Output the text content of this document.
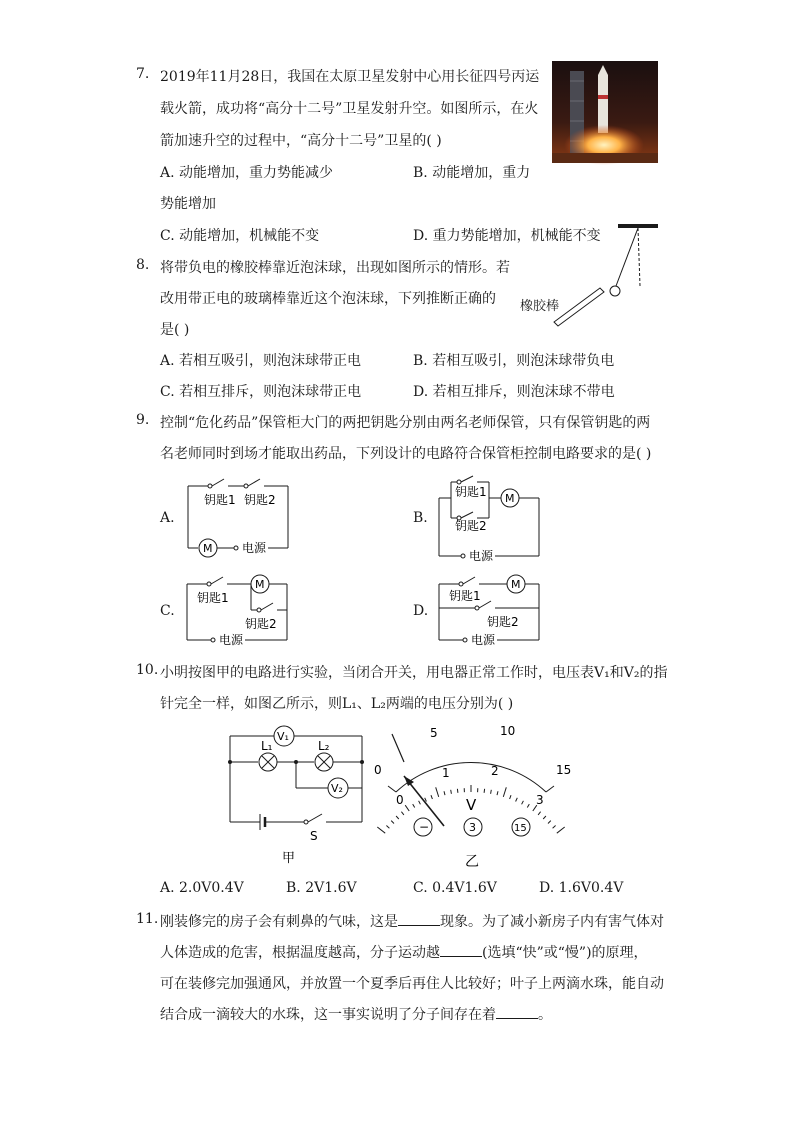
7. 2019年11月28日，我国在太原卫星发射中心用长征四号丙运
载火箭，成功将“高分十二号”卫星发射升空。如图所示，在火
箭加速升空的过程中，“高分十二号”卫星的( )
A. 动能增加，重力势能减少	B. 动能增加，重力
势能增加
C. 动能增加，机械能不变	D. 重力势能增加，机械能不变
8. 将带负电的橡胶棒靠近泡沫球，出现如图所示的情形。若
改用带正电的玻璃棒靠近这个泡沫球，下列推断正确的
是( )
橡胶棒
A. 若相互吸引，则泡沫球带正电	B. 若相互吸引，则泡沫球带负电
C. 若相互排斥，则泡沫球带正电	D. 若相互排斥，则泡沫球不带电
9. 控制“危化药品”保管柜大门的两把钥匙分别由两名老师保管，只有保管钥匙的两
名老师同时到场才能取出药品，下列设计的电路符合保管柜控制电路要求的是( )
A.	B.
C.	D.
钥匙1 钥匙2
M 电源
钥匙1
钥匙2
M
电源
钥匙1
钥匙2
M
电源
钥匙1
钥匙2
M
电源
10. 小明按图甲的电路进行实验，当闭合开关，用电器正常工作时，电压表V₁和V₂的指
针完全一样，如图乙所示，则L₁、L₂两端的电压分别为( )
V₁
L₁	L₂
V₂
S
甲
0
5	10
15
0
1	2
3
V
−	3	15
乙
A. 2.0V0.4V	B. 2V1.6V	C. 0.4V1.6V	D. 1.6V0.4V
11. 刚装修完的房子会有刺鼻的气味，这是	现象。为了减小新房子内有害气体对
人体造成的危害，根据温度越高，分子运动越	(选填“快”或“慢”)的原理，
可在装修完加强通风，并放置一个夏季后再住人比较好；叶子上两滴水珠，能自动
结合成一滴较大的水珠，这一事实说明了分子间存在着	。
